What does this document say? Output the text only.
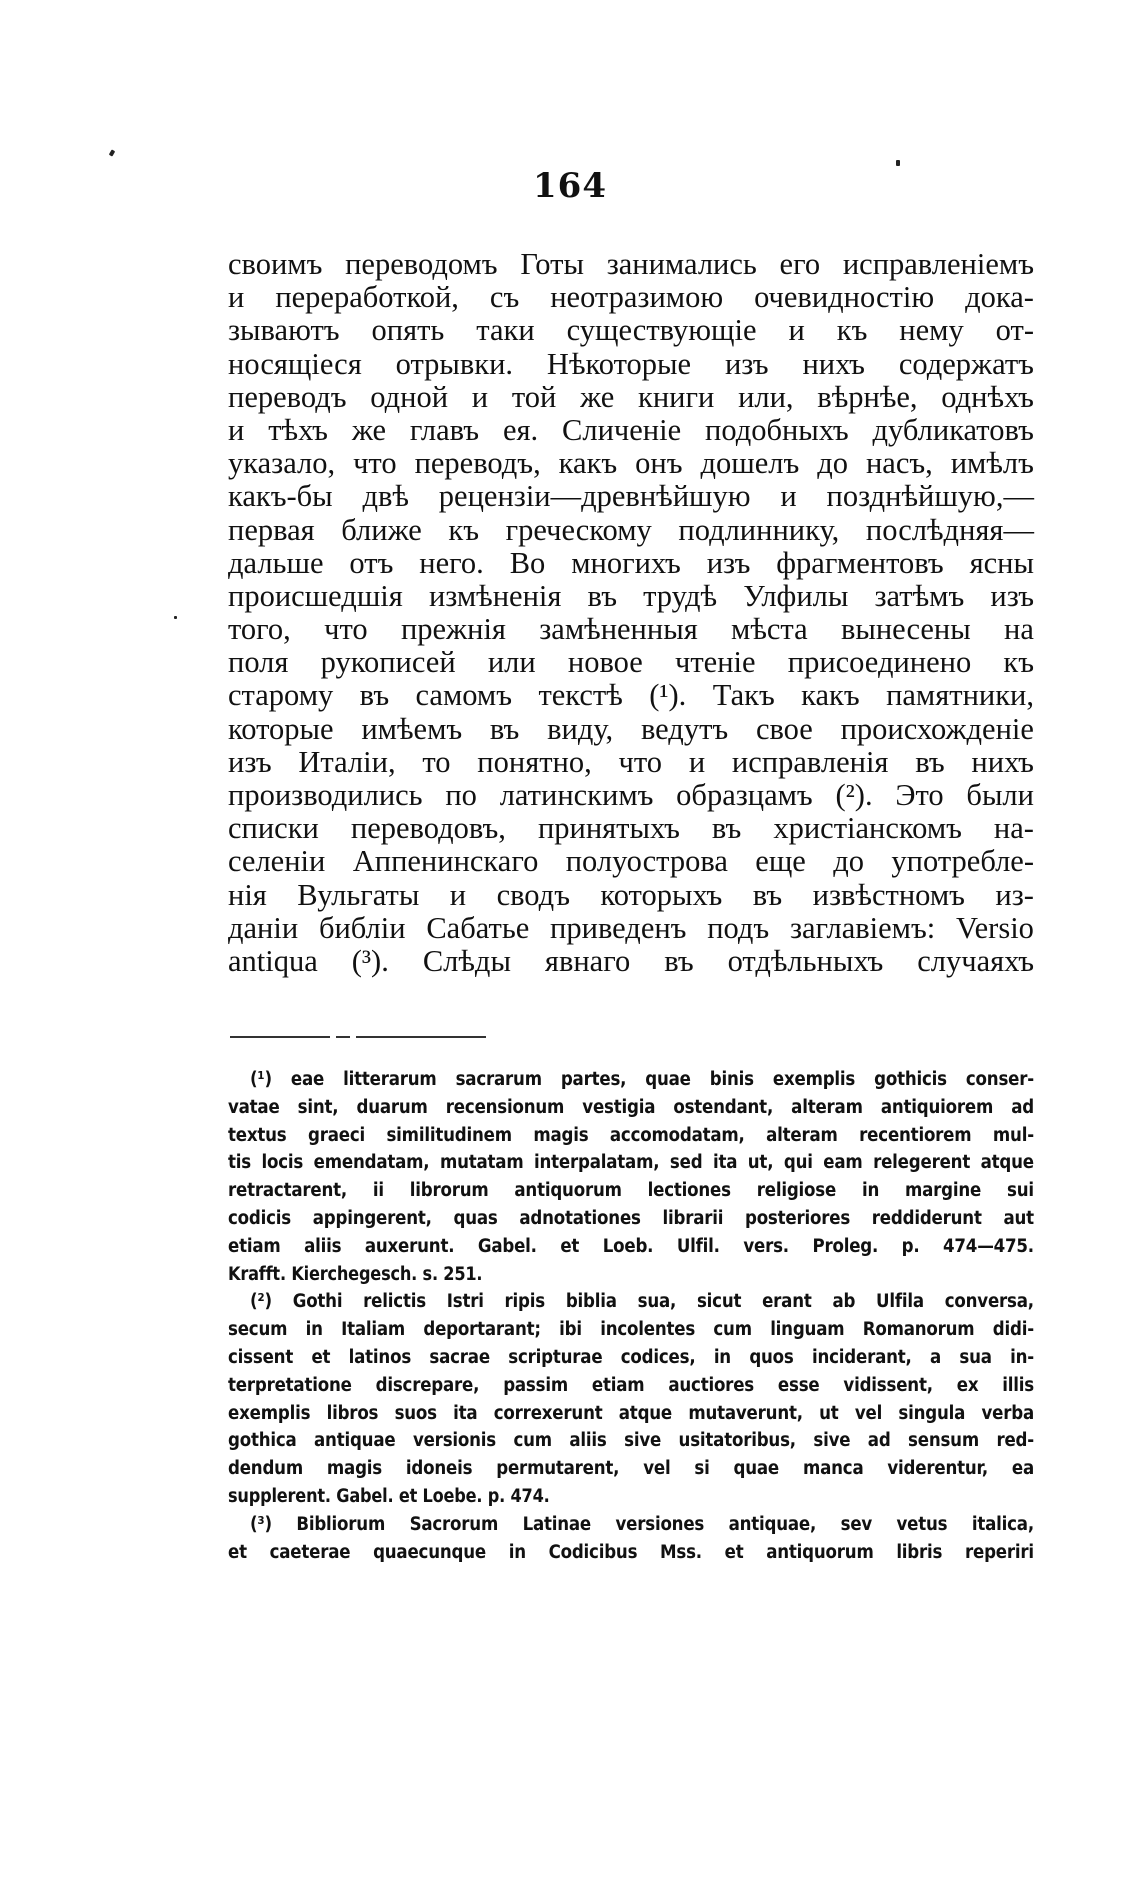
164
своимъ переводомъ Готы занимались его исправленіемъ
и переработкой, съ неотразимою очевидностію дока-
зываютъ опять таки существующіе и къ нему от-
носящіеся отрывки. Нѣкоторые изъ нихъ содержатъ
переводъ одной и той же книги или, вѣрнѣе, однѣхъ
и тѣхъ же главъ ея. Сличеніе подобныхъ дубликатовъ
указало, что переводъ, какъ онъ дошелъ до насъ, имѣлъ
какъ-бы двѣ рецензіи—древнѣйшую и позднѣйшую,—
первая ближе къ греческому подлиннику, послѣдняя—
дальше отъ него. Во многихъ изъ фрагментовъ ясны
происшедшія измѣненія въ трудѣ Улфилы затѣмъ изъ
того, что прежнія замѣненныя мѣста вынесены на
поля рукописей или новое чтеніе присоединено къ
старому въ самомъ текстѣ (¹). Такъ какъ памятники,
которые имѣемъ въ виду, ведутъ свое происхожденіе
изъ Италіи, то понятно, что и исправленія въ нихъ
производились по латинскимъ образцамъ (²). Это были
списки переводовъ, принятыхъ въ христіанскомъ на-
селеніи Аппенинскаго полуострова еще до употребле-
нія Вульгаты и сводъ которыхъ въ извѣстномъ из-
даніи библіи Сабатье приведенъ подъ заглавіемъ: Versio
antiqua (³). Слѣды явнаго въ отдѣльныхъ случаяхъ
(¹) eae litterarum sacrarum partes, quae binis exemplis gothicis conser-
vatae sint, duarum recensionum vestigia ostendant, alteram antiquiorem ad
textus graeci similitudinem magis accomodatam, alteram recentiorem mul-
tis locis emendatam, mutatam interpalatam, sed ita ut, qui eam relegerent atque
retractarent, ii librorum antiquorum lectiones religiose in margine sui
codicis appingerent, quas adnotationes librarii posteriores reddiderunt aut
etiam aliis auxerunt. Gabel. et Loeb. Ulfil. vers. Proleg. p. 474—475.
Krafft. Kierchegesch. s. 251.
(²) Gothi relictis Istri ripis biblia sua, sicut erant ab Ulfila conversa,
secum in Italiam deportarant; ibi incolentes cum linguam Romanorum didi-
cissent et latinos sacrae scripturae codices, in quos inciderant, a sua in-
terpretatione discrepare, passim etiam auctiores esse vidissent, ex illis
exemplis libros suos ita correxerunt atque mutaverunt, ut vel singula verba
gothica antiquae versionis cum aliis sive usitatoribus, sive ad sensum red-
dendum magis idoneis permutarent, vel si quae manca viderentur, ea
supplerent. Gabel. et Loebe. p. 474.
(³) Bibliorum Sacrorum Latinae versiones antiquae, sev vetus italica,
et caeterae quaecunque in Codicibus Mss. et antiquorum libris reperiri
